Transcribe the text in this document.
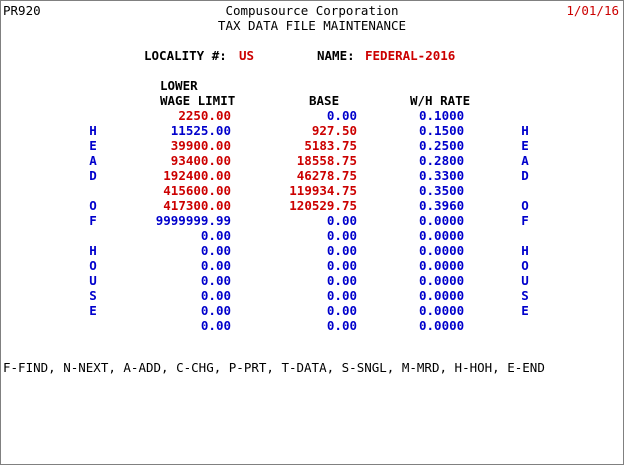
PR920	Compusource Corporation
TAX DATA FILE MAINTENANCE
1/01/16
LOCALITY #: US	NAME: FEDERAL-2016
LOWER
WAGE LIMIT	BASE	W/H RATE
2250.00	0.00	0.1000
H	11525.00	927.50	0.1500	H
E	39900.00	5183.75	0.2500	E
A	93400.00	18558.75	0.2800	A
D	192400.00	46278.75	0.3300	D
415600.00	119934.75	0.3500
O	417300.00	120529.75	0.3960	O
F	9999999.99	0.00	0.0000	F
0.00	0.00	0.0000
H	0.00	0.00	0.0000	H
O	0.00	0.00	0.0000	O
U	0.00	0.00	0.0000	U
S	0.00	0.00	0.0000	S
E	0.00	0.00	0.0000	E
0.00	0.00	0.0000
F-FIND, N-NEXT, A-ADD, C-CHG, P-PRT, T-DATA, S-SNGL, M-MRD, H-HOH, E-END
